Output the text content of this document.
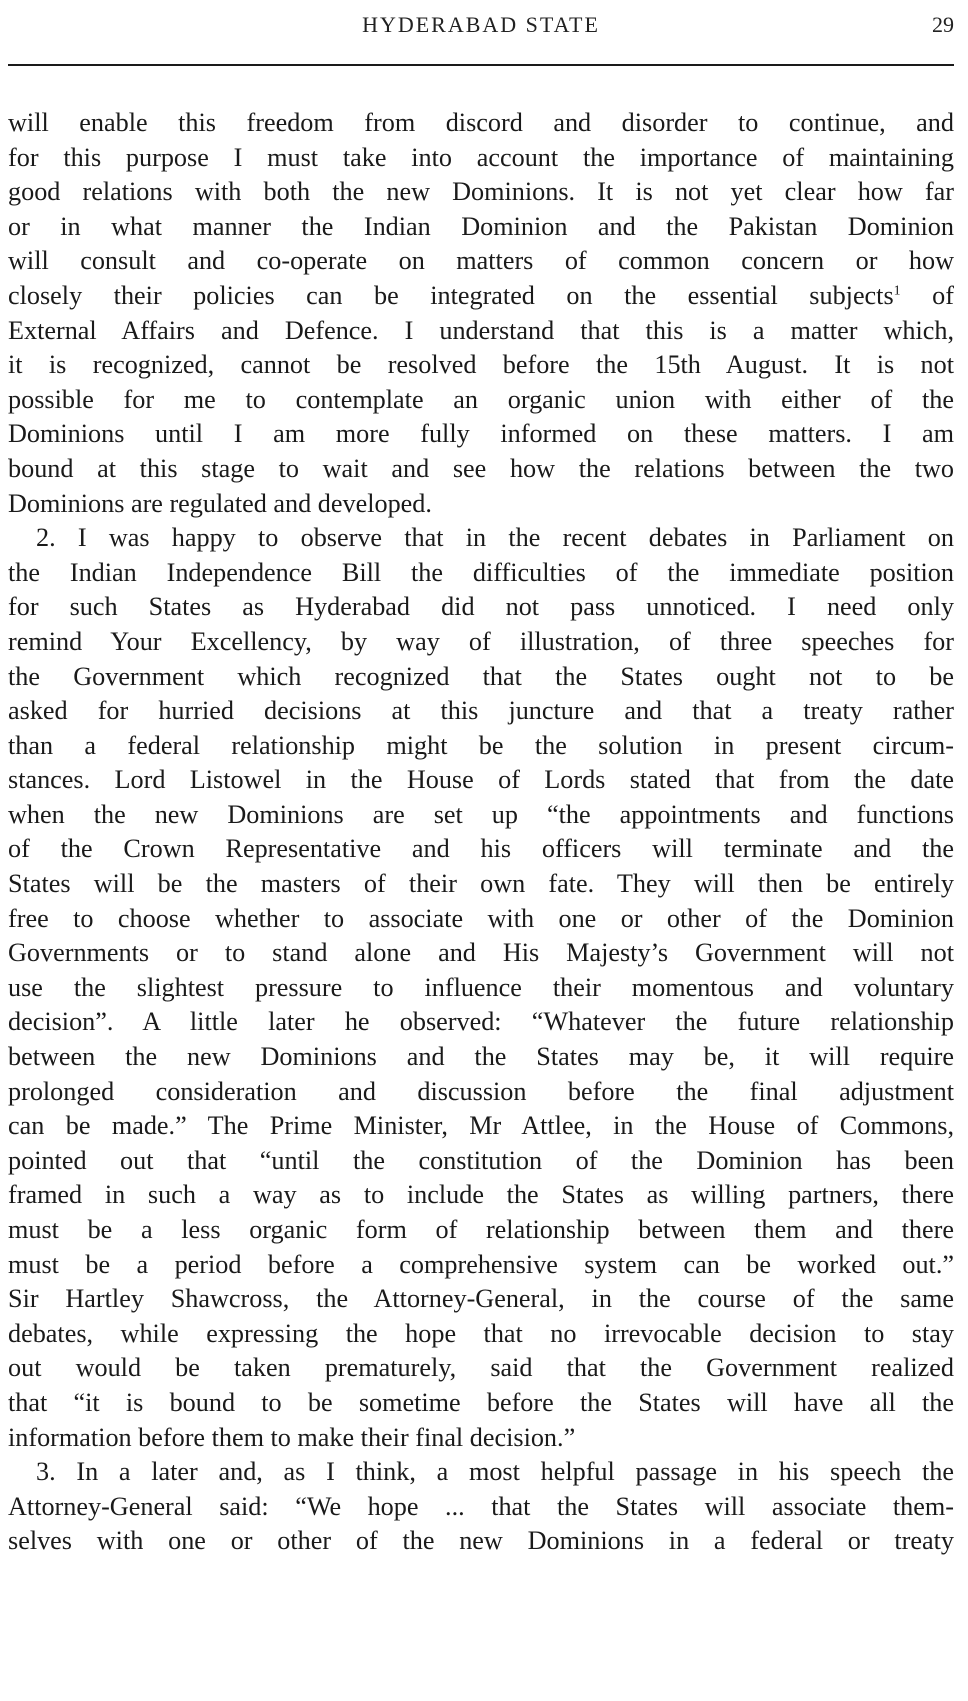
HYDERABAD STATE	29
will enable this freedom from discord and disorder to continue, and
for this purpose I must take into account the importance of maintaining
good relations with both the new Dominions. It is not yet clear how far
or in what manner the Indian Dominion and the Pakistan Dominion
will consult and co-operate on matters of common concern or how
closely their policies can be integrated on the essential subjects$^1$ of
External Affairs and Defence. I understand that this is a matter which,
it is recognized, cannot be resolved before the 15th August. It is not
possible for me to contemplate an organic union with either of the
Dominions until I am more fully informed on these matters. I am
bound at this stage to wait and see how the relations between the two
Dominions are regulated and developed.
2. I was happy to observe that in the recent debates in Parliament on
the Indian Independence Bill the difficulties of the immediate position
for such States as Hyderabad did not pass unnoticed. I need only
remind Your Excellency, by way of illustration, of three speeches for
the Government which recognized that the States ought not to be
asked for hurried decisions at this juncture and that a treaty rather
than a federal relationship might be the solution in present circum-
stances. Lord Listowel in the House of Lords stated that from the date
when the new Dominions are set up “the appointments and functions
of the Crown Representative and his officers will terminate and the
States will be the masters of their own fate. They will then be entirely
free to choose whether to associate with one or other of the Dominion
Governments or to stand alone and His Majesty’s Government will not
use the slightest pressure to influence their momentous and voluntary
decision”. A little later he observed: “Whatever the future relationship
between the new Dominions and the States may be, it will require
prolonged consideration and discussion before the final adjustment
can be made.” The Prime Minister, Mr Attlee, in the House of Commons,
pointed out that “until the constitution of the Dominion has been
framed in such a way as to include the States as willing partners, there
must be a less organic form of relationship between them and there
must be a period before a comprehensive system can be worked out.”
Sir Hartley Shawcross, the Attorney-General, in the course of the same
debates, while expressing the hope that no irrevocable decision to stay
out would be taken prematurely, said that the Government realized
that “it is bound to be sometime before the States will have all the
information before them to make their final decision.”
3. In a later and, as I think, a most helpful passage in his speech the
Attorney-General said: “We hope ... that the States will associate them-
selves with one or other of the new Dominions in a federal or treaty
